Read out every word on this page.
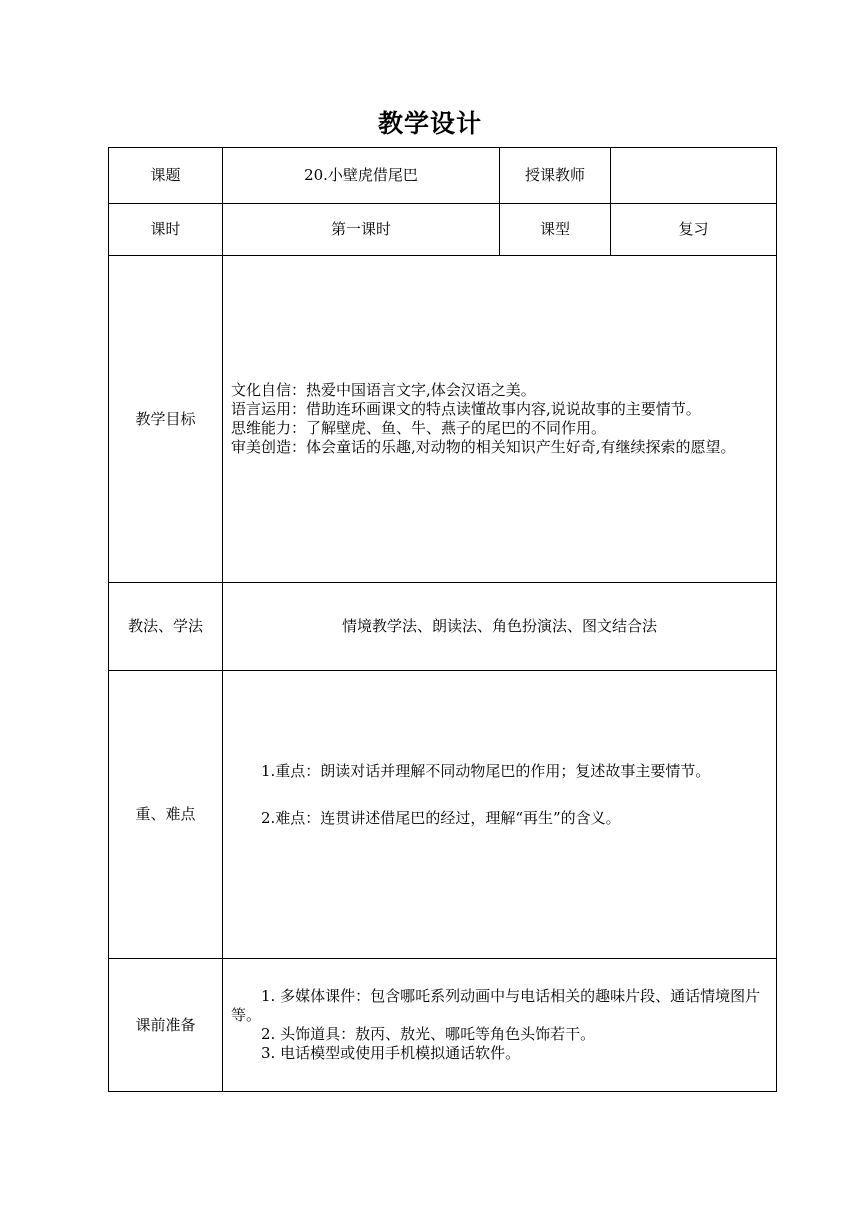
教学设计
课题	20.小壁虎借尾巴	授课教师	
课时	第一课时	课型	复习
教学目标	文化自信：热爱中国语言文字,体会汉语之美。
语言运用：借助连环画课文的特点读懂故事内容,说说故事的主要情节。
思维能力：了解壁虎、鱼、牛、燕子的尾巴的不同作用。
审美创造：体会童话的乐趣,对动物的相关知识产生好奇,有继续探索的愿望。		

教法、学法	情境教学法、朗读法、角色扮演法、图文结合法		
重、难点	1.重点：朗读对话并理解不同动物尾巴的作用；复述故事主要情节。
2.难点：连贯讲述借尾巴的经过，理解“再生”的含义。		

课前准备	1. 多媒体课件：包含哪吒系列动画中与电话相关的趣味片段、通话情境图片等。
2. 头饰道具：敖丙、敖光、哪吒等角色头饰若干。
3. 电话模型或使用手机模拟通话软件。		
